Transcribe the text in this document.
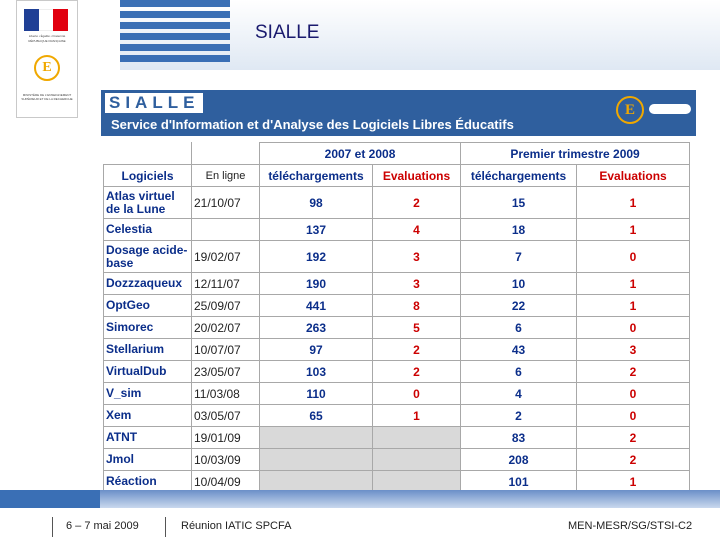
Liberté • Égalité • Fraternité
RÉPUBLIQUE FRANÇAISE
E
MINISTÈRE DE L'ENSEIGNEMENT SUPÉRIEUR ET DE LA RECHERCHE
SIALLE
SIALLE
Service d'Information et d'Analyse des Logiciels Libres Éducatifs
E
		2007 et 2008		Premier trimestre 2009	
Logiciels	En ligne	téléchargements	Evaluations	téléchargements	Evaluations
Atlas virtuel de la Lune	21/10/07	98	2	15	1
Celestia		137	4	18	1
Dosage acide-base	19/02/07	192	3	7	0
Dozzzaqueux	12/11/07	190	3	10	1
OptGeo	25/09/07	441	8	22	1
Simorec	20/02/07	263	5	6	0
Stellarium	10/07/07	97	2	43	3
VirtualDub	23/05/07	103	2	6	2
V_sim	11/03/08	110	0	4	0
Xem	03/05/07	65	1	2	0
ATNT	19/01/09			83	2
Jmol	10/03/09			208	2
Réaction	10/04/09			101	1
6 – 7 mai 2009	Réunion IATIC SPCFA	MEN-MESR/SG/STSI-C2
